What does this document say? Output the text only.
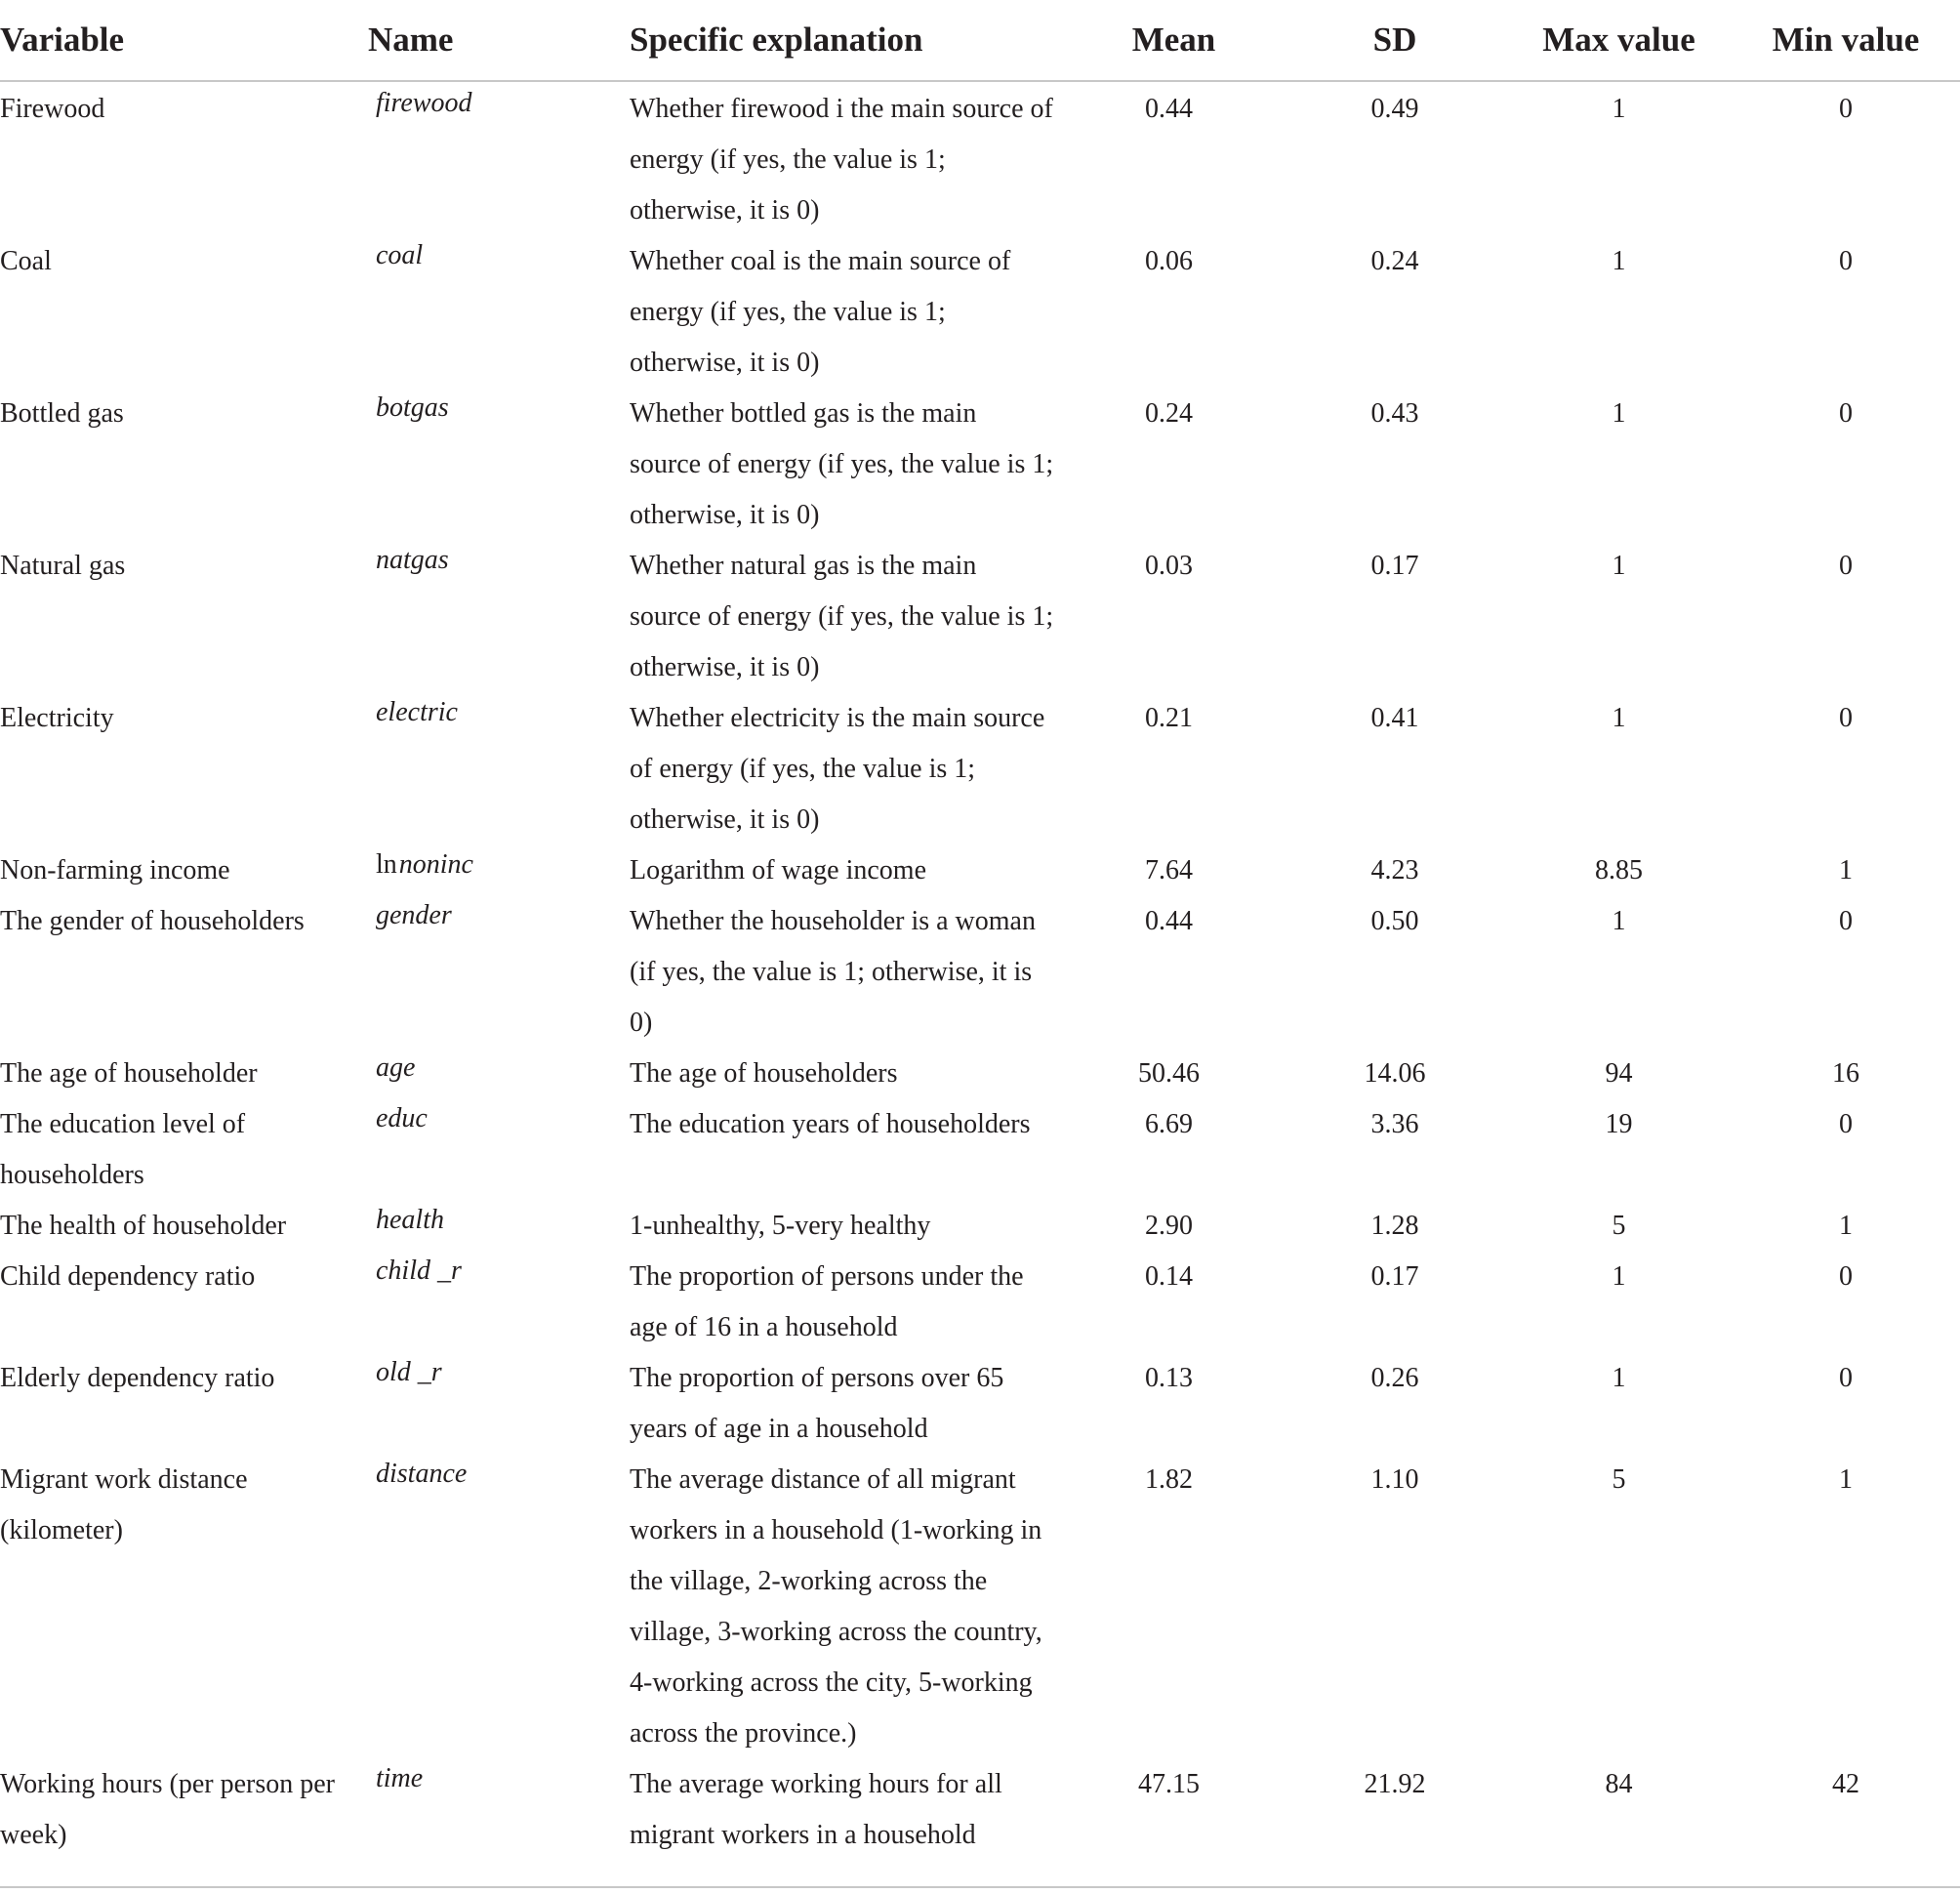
Variable	Name	Specific explanation	Mean	SD	Max value	Min value
Firewood	firewood	Whether firewood i the main source of energy (if yes, the value is 1; otherwise, it is 0)	0.44	0.49	1	0
Coal	coal	Whether coal is the main source of energy (if yes, the value is 1; otherwise, it is 0)	0.06	0.24	1	0
Bottled gas	botgas	Whether bottled gas is the main source of energy (if yes, the value is 1; otherwise, it is 0)	0.24	0.43	1	0
Natural gas	natgas	Whether natural gas is the main source of energy (if yes, the value is 1; otherwise, it is 0)	0.03	0.17	1	0
Electricity	electric	Whether electricity is the main source of energy (if yes, the value is 1; otherwise, it is 0)	0.21	0.41	1	0
Non-farming income	lnnoninc	Logarithm of wage income	7.64	4.23	8.85	1
The gender of householders	gender	Whether the householder is a woman (if yes, the value is 1; otherwise, it is 0)	0.44	0.50	1	0
The age of householder	age	The age of householders	50.46	14.06	94	16
The education level of householders	educ	The education years of householders	6.69	3.36	19	0
The health of householder	health	1-unhealthy, 5-very healthy	2.90	1.28	5	1
Child dependency ratio	child _r	The proportion of persons under the age of 16 in a household	0.14	0.17	1	0
Elderly dependency ratio	old _r	The proportion of persons over 65 years of age in a household	0.13	0.26	1	0
Migrant work distance (kilometer)	distance	The average distance of all migrant workers in a household (1-working in the village, 2-working across the village, 3-working across the country, 4-working across the city, 5-working across the province.)	1.82	1.10	5	1
Working hours (per person per week)	time	The average working hours for all migrant workers in a household	47.15	21.92	84	42
